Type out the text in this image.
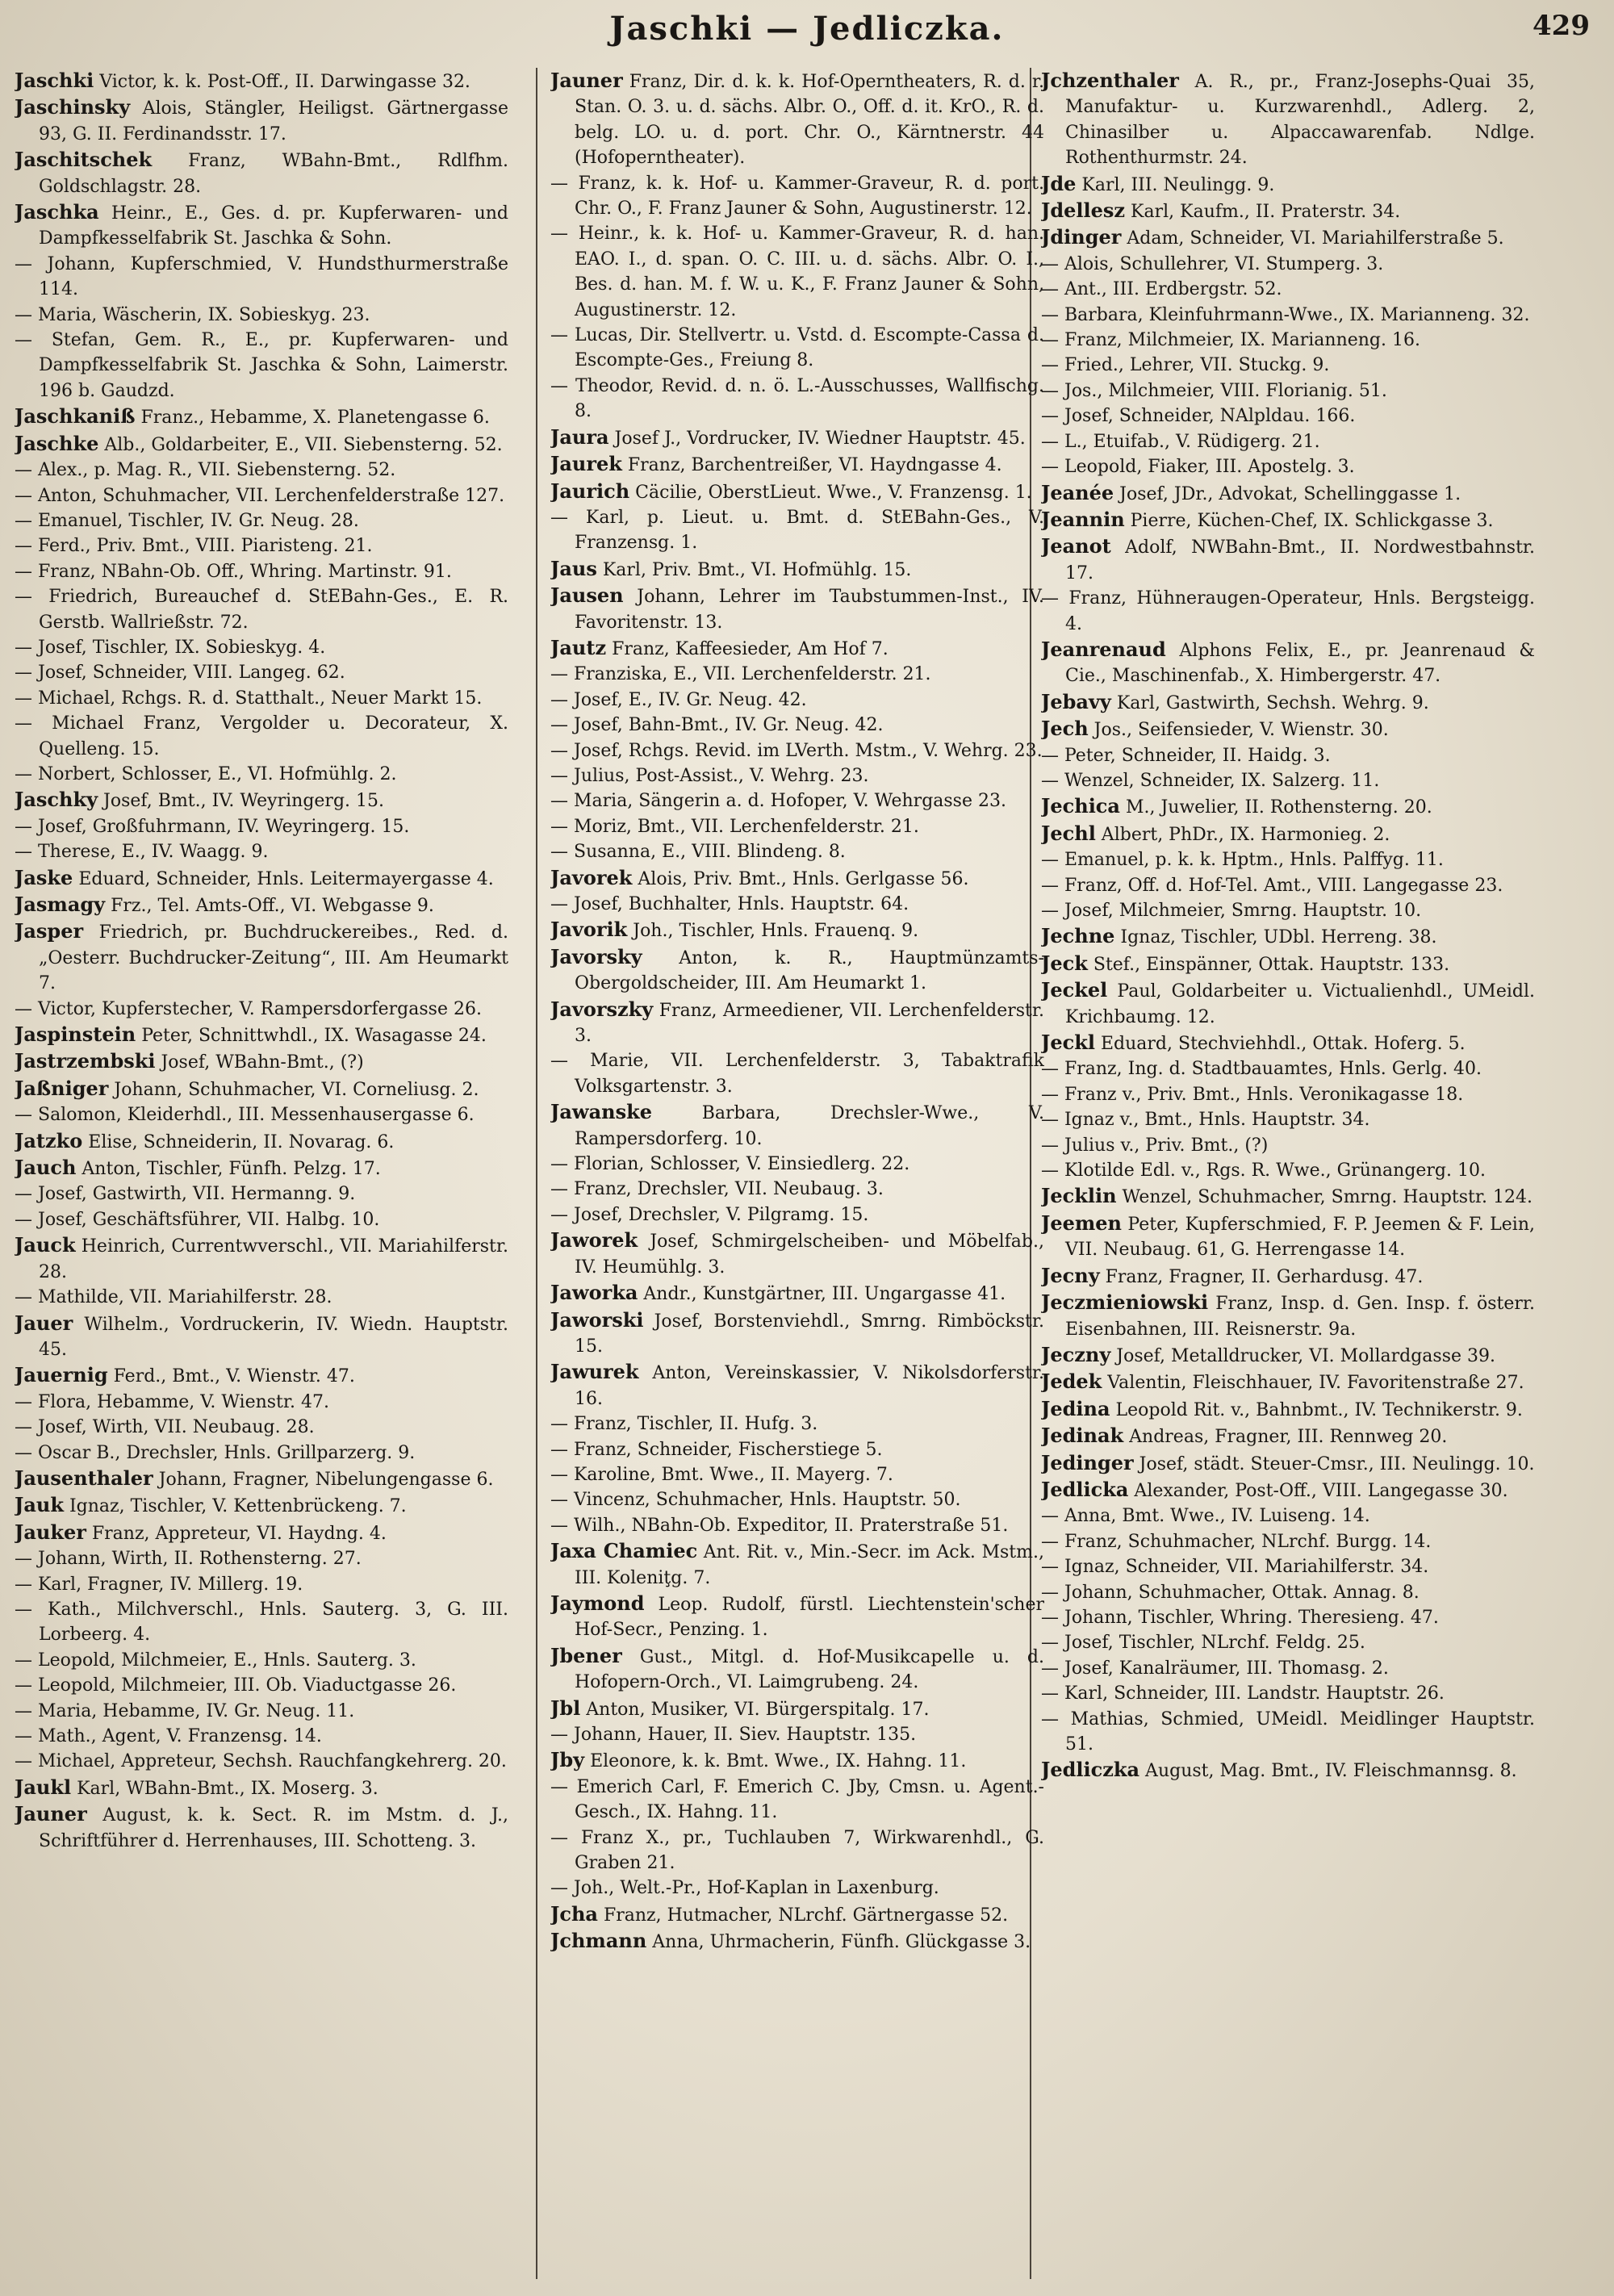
Jaschki — Jedliczka.	429

Jaschki Victor, k. k. Post-Off., II. Darwingasse 32.

Jaschinsky Alois, Stängler, Heiligst. Gärtnergasse 93, G. II. Ferdinandsstr. 17.

Jaschitschek Franz, WBahn-Bmt., Rdlfhm. Goldschlagstr. 28.

Jaschka Heinr., E., Ges. d. pr. Kupferwaren- und Dampfkesselfabrik St. Jaschka & Sohn.

— Johann, Kupferschmied, V. Hundsthurmerstraße 114.

— Maria, Wäscherin, IX. Sobieskyg. 23.

— Stefan, Gem. R., E., pr. Kupferwaren- und Dampfkesselfabrik St. Jaschka & Sohn, Laimerstr. 196 b. Gaudzd.

Jaschkaniß Franz., Hebamme, X. Planetengasse 6.

Jaschke Alb., Goldarbeiter, E., VII. Siebensterng. 52.

— Alex., p. Mag. R., VII. Siebensterng. 52.

— Anton, Schuhmacher, VII. Lerchenfelderstraße 127.

— Emanuel, Tischler, IV. Gr. Neug. 28.

— Ferd., Priv. Bmt., VIII. Piaristeng. 21.

— Franz, NBahn-Ob. Off., Whring. Martinstr. 91.

— Friedrich, Bureauchef d. StEBahn-Ges., E. R. Gerstb. Wallrießstr. 72.

— Josef, Tischler, IX. Sobieskyg. 4.

— Josef, Schneider, VIII. Langeg. 62.

— Michael, Rchgs. R. d. Statthalt., Neuer Markt 15.

— Michael Franz, Vergolder u. Decorateur, X. Quelleng. 15.

— Norbert, Schlosser, E., VI. Hofmühlg. 2.

Jaschky Josef, Bmt., IV. Weyringerg. 15.

— Josef, Großfuhrmann, IV. Weyringerg. 15.

— Therese, E., IV. Waagg. 9.

Jaske Eduard, Schneider, Hnls. Leitermayergasse 4.

Jasmagy Frz., Tel. Amts-Off., VI. Webgasse 9.

Jasper Friedrich, pr. Buchdruckereibes., Red. d. „Oesterr. Buchdrucker-Zeitung“, III. Am Heumarkt 7.

— Victor, Kupferstecher, V. Rampersdorfergasse 26.

Jaspinstein Peter, Schnittwhdl., IX. Wasagasse 24.

Jastrzembski Josef, WBahn-Bmt., (?)

Jaßniger Johann, Schuhmacher, VI. Corneliusg. 2.

— Salomon, Kleiderhdl., III. Messenhausergasse 6.

Jatzko Elise, Schneiderin, II. Novarag. 6.

Jauch Anton, Tischler, Fünfh. Pelzg. 17.

— Josef, Gastwirth, VII. Hermanng. 9.

— Josef, Geschäftsführer, VII. Halbg. 10.

Jauck Heinrich, Currentwverschl., VII. Mariahilferstr. 28.

— Mathilde, VII. Mariahilferstr. 28.

Jauer Wilhelm., Vordruckerin, IV. Wiedn. Hauptstr. 45.

Jauernig Ferd., Bmt., V. Wienstr. 47.

— Flora, Hebamme, V. Wienstr. 47.

— Josef, Wirth, VII. Neubaug. 28.

— Oscar B., Drechsler, Hnls. Grillparzerg. 9.

Jausenthaler Johann, Fragner, Nibelungengasse 6.

Jauk Ignaz, Tischler, V. Kettenbrückeng. 7.

Jauker Franz, Appreteur, VI. Haydng. 4.

— Johann, Wirth, II. Rothensterng. 27.

— Karl, Fragner, IV. Millerg. 19.

— Kath., Milchverschl., Hnls. Sauterg. 3, G. III. Lorbeerg. 4.

— Leopold, Milchmeier, E., Hnls. Sauterg. 3.

— Leopold, Milchmeier, III. Ob. Viaductgasse 26.

— Maria, Hebamme, IV. Gr. Neug. 11.

— Math., Agent, V. Franzensg. 14.

— Michael, Appreteur, Sechsh. Rauchfangkehrerg. 20.

Jaukl Karl, WBahn-Bmt., IX. Moserg. 3.

Jauner August, k. k. Sect. R. im Mstm. d. J., Schriftführer d. Herrenhauses, III. Schotteng. 3.

Jauner Franz, Dir. d. k. k. Hof-Operntheaters, R. d. r. Stan. O. 3. u. d. sächs. Albr. O., Off. d. it. KrO., R. d. belg. LO. u. d. port. Chr. O., Kärntnerstr. 44 (Hofoperntheater).

— Franz, k. k. Hof- u. Kammer-Graveur, R. d. port. Chr. O., F. Franz Jauner & Sohn, Augustinerstr. 12.

— Heinr., k. k. Hof- u. Kammer-Graveur, R. d. han. EAO. I., d. span. O. C. III. u. d. sächs. Albr. O. I., Bes. d. han. M. f. W. u. K., F. Franz Jauner & Sohn, Augustinerstr. 12.

— Lucas, Dir. Stellvertr. u. Vstd. d. Escompte-Cassa d. Escompte-Ges., Freiung 8.

— Theodor, Revid. d. n. ö. L.-Ausschusses, Wallfischg. 8.

Jaura Josef J., Vordrucker, IV. Wiedner Hauptstr. 45.

Jaurek Franz, Barchentreißer, VI. Haydngasse 4.

Jaurich Cäcilie, OberstLieut. Wwe., V. Franzensg. 1.

— Karl, p. Lieut. u. Bmt. d. StEBahn-Ges., V. Franzensg. 1.

Jaus Karl, Priv. Bmt., VI. Hofmühlg. 15.

Jausen Johann, Lehrer im Taubstummen-Inst., IV. Favoritenstr. 13.

Jautz Franz, Kaffeesieder, Am Hof 7.

— Franziska, E., VII. Lerchenfelderstr. 21.

— Josef, E., IV. Gr. Neug. 42.

— Josef, Bahn-Bmt., IV. Gr. Neug. 42.

— Josef, Rchgs. Revid. im LVerth. Mstm., V. Wehrg. 23.

— Julius, Post-Assist., V. Wehrg. 23.

— Maria, Sängerin a. d. Hofoper, V. Wehrgasse 23.

— Moriz, Bmt., VII. Lerchenfelderstr. 21.

— Susanna, E., VIII. Blindeng. 8.

Javorek Alois, Priv. Bmt., Hnls. Gerlgasse 56.

— Josef, Buchhalter, Hnls. Hauptstr. 64.

Javorik Joh., Tischler, Hnls. Frauenq. 9.

Javorsky Anton, k. R., Hauptmünzamts-Obergoldscheider, III. Am Heumarkt 1.

Javorszky Franz, Armeediener, VII. Lerchenfelderstr. 3.

— Marie, VII. Lerchenfelderstr. 3, Tabaktrafik Volksgartenstr. 3.

Jawanske Barbara, Drechsler-Wwe., V. Rampersdorferg. 10.

— Florian, Schlosser, V. Einsiedlerg. 22.

— Franz, Drechsler, VII. Neubaug. 3.

— Josef, Drechsler, V. Pilgramg. 15.

Jaworek Josef, Schmirgelscheiben- und Möbelfab., IV. Heumühlg. 3.

Jaworka Andr., Kunstgärtner, III. Ungargasse 41.

Jaworski Josef, Borstenviehdl., Smrng. Rimböckstr. 15.

Jawurek Anton, Vereinskassier, V. Nikolsdorferstr. 16.

— Franz, Tischler, II. Hufg. 3.

— Franz, Schneider, Fischerstiege 5.

— Karoline, Bmt. Wwe., II. Mayerg. 7.

— Vincenz, Schuhmacher, Hnls. Hauptstr. 50.

— Wilh., NBahn-Ob. Expeditor, II. Praterstraße 51.

Jaxa Chamiec Ant. Rit. v., Min.-Secr. im Ack. Mstm., III. Koleniţg. 7.

Jaymond Leop. Rudolf, fürstl. Liechtenstein'scher Hof-Secr., Penzing. 1.

Jbener Gust., Mitgl. d. Hof-Musikcapelle u. d. Hofopern-Orch., VI. Laimgrubeng. 24.

Jbl Anton, Musiker, VI. Bürgerspitalg. 17.

— Johann, Hauer, II. Siev. Hauptstr. 135.

Jby Eleonore, k. k. Bmt. Wwe., IX. Hahng. 11.

— Emerich Carl, F. Emerich C. Jby, Cmsn. u. Agent.-Gesch., IX. Hahng. 11.

— Franz X., pr., Tuchlauben 7, Wirkwarenhdl., G. Graben 21.

— Joh., Welt.-Pr., Hof-Kaplan in Laxenburg.

Jcha Franz, Hutmacher, NLrchf. Gärtnergasse 52.

Jchmann Anna, Uhrmacherin, Fünfh. Glückgasse 3.

Jchzenthaler A. R., pr., Franz-Josephs-Quai 35, Manufaktur- u. Kurzwarenhdl., Adlerg. 2, Chinasilber u. Alpaccawarenfab. Ndlge. Rothenthurmstr. 24.

Jde Karl, III. Neulingg. 9.

Jdellesz Karl, Kaufm., II. Praterstr. 34.

Jdinger Adam, Schneider, VI. Mariahilferstraße 5.

— Alois, Schullehrer, VI. Stumperg. 3.

— Ant., III. Erdbergstr. 52.

— Barbara, Kleinfuhrmann-Wwe., IX. Mariannеng. 32.

— Franz, Milchmeier, IX. Marianneng. 16.

— Fried., Lehrer, VII. Stuckg. 9.

— Jos., Milchmeier, VIII. Florianig. 51.

— Josef, Schneider, NAlpldau. 166.

— L., Etuifab., V. Rüdigerg. 21.

— Leopold, Fiaker, III. Apostelg. 3.

Jeanée Josef, JDr., Advokat, Schellinggasse 1.

Jeannin Pierre, Küchen-Chef, IX. Schlickgasse 3.

Jeanot Adolf, NWBahn-Bmt., II. Nordwestbahnstr. 17.

— Franz, Hühneraugen-Operateur, Hnls. Bergsteigg. 4.

Jeanrenaud Alphons Felix, E., pr. Jeanrenaud & Cie., Maschinenfab., X. Himbergerstr. 47.

Jebavy Karl, Gastwirth, Sechsh. Wehrg. 9.

Jech Jos., Seifensieder, V. Wienstr. 30.

— Peter, Schneider, II. Haidg. 3.

— Wenzel, Schneider, IX. Salzerg. 11.

Jechica M., Juwelier, II. Rothensterng. 20.

Jechl Albert, PhDr., IX. Harmonieg. 2.

— Emanuel, p. k. k. Hptm., Hnls. Palffyg. 11.

— Franz, Off. d. Hof-Tel. Amt., VIII. Langegasse 23.

— Josef, Milchmeier, Smrng. Hauptstr. 10.

Jechne Ignaz, Tischler, UDbl. Herreng. 38.

Jeck Stef., Einspänner, Ottak. Hauptstr. 133.

Jeckel Paul, Goldarbeiter u. Victualienhdl., UMeidl. Krichbaumg. 12.

Jeckl Eduard, Stechviehhdl., Ottak. Hoferg. 5.

— Franz, Ing. d. Stadtbauamtes, Hnls. Gerlg. 40.

— Franz v., Priv. Bmt., Hnls. Veronikagasse 18.

— Ignaz v., Bmt., Hnls. Hauptstr. 34.

— Julius v., Priv. Bmt., (?)

— Klotilde Edl. v., Rgs. R. Wwe., Grünangerg. 10.

Jecklin Wenzel, Schuhmacher, Smrng. Hauptstr. 124.

Jeemen Peter, Kupferschmied, F. P. Jeemen & F. Lein, VII. Neubaug. 61, G. Herrengasse 14.

Jecny Franz, Fragner, II. Gerhardusg. 47.

Jeczmieniowski Franz, Insp. d. Gen. Insp. f. österr. Eisenbahnen, III. Reisnerstr. 9a.

Jeczny Josef, Metalldrucker, VI. Mollardgasse 39.

Jedek Valentin, Fleischhauer, IV. Favoritenstraße 27.

Jedina Leopold Rit. v., Bahnbmt., IV. Technikerstr. 9.

Jedinak Andreas, Fragner, III. Rennweg 20.

Jedinger Josef, städt. Steuer-Cmsr., III. Neulingg. 10.

Jedlicka Alexander, Post-Off., VIII. Langegasse 30.

— Anna, Bmt. Wwe., IV. Luiseng. 14.

— Franz, Schuhmacher, NLrchf. Burgg. 14.

— Ignaz, Schneider, VII. Mariahilferstr. 34.

— Johann, Schuhmacher, Ottak. Annag. 8.

— Johann, Tischler, Whring. Theresieng. 47.

— Josef, Tischler, NLrchf. Feldg. 25.

— Josef, Kanalräumer, III. Thomasg. 2.

— Karl, Schneider, III. Landstr. Hauptstr. 26.

— Mathias, Schmied, UMeidl. Meidlinger Hauptstr. 51.

Jedliczka August, Mag. Bmt., IV. Fleischmannsg. 8.
